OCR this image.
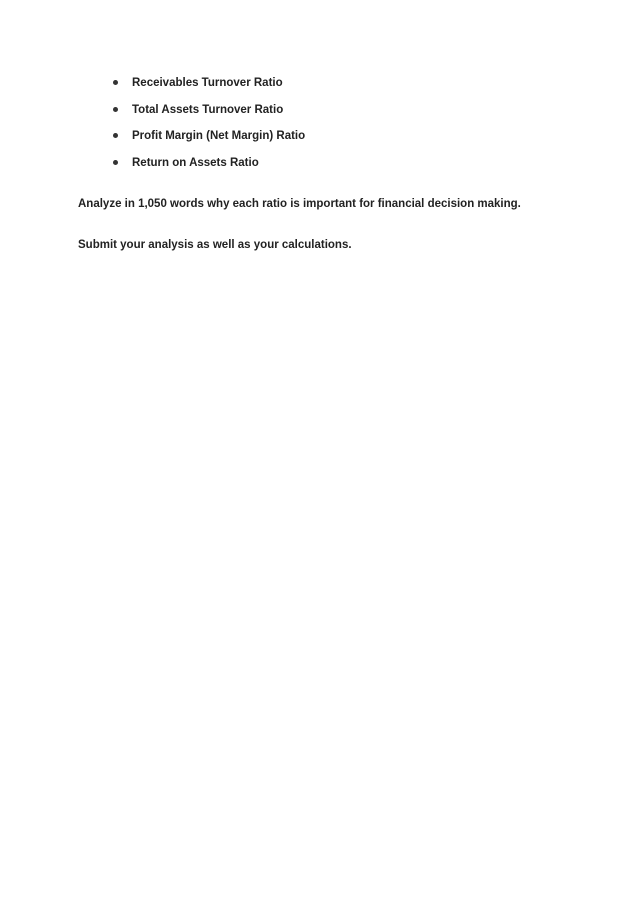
Receivables Turnover Ratio
Total Assets Turnover Ratio
Profit Margin (Net Margin) Ratio
Return on Assets Ratio

Analyze in 1,050 words why each ratio is important for financial decision making.

Submit your analysis as well as your calculations.
